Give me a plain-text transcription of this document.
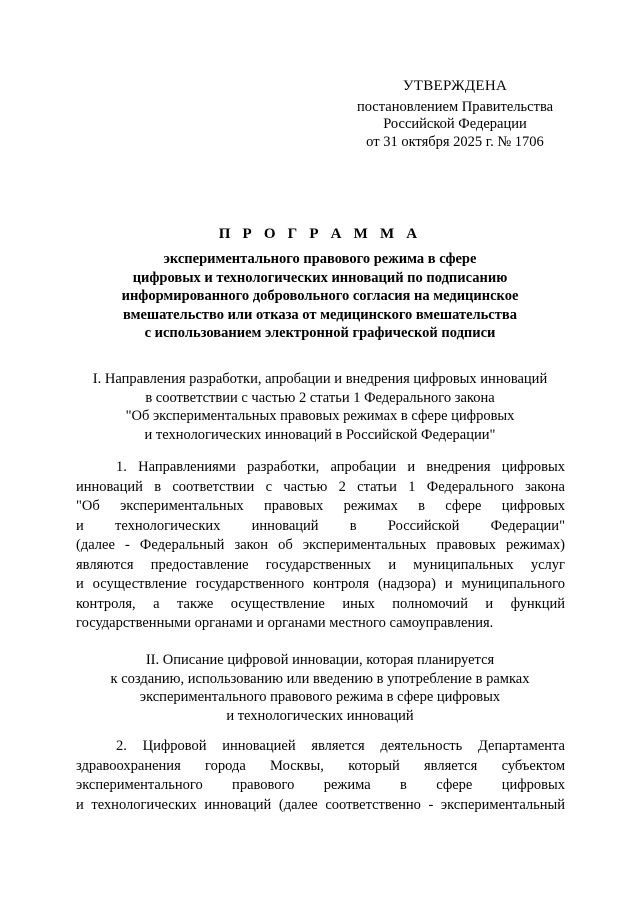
УТВЕРЖДЕНА
постановлением Правительства
Российской Федерации
от 31 октября 2025 г. № 1706
П Р О Г Р А М М А
экспериментального правового режима в сфере
цифровых и технологических инноваций по подписанию
информированного добровольного согласия на медицинское
вмешательство или отказа от медицинского вмешательства
с использованием электронной графической подписи
I. Направления разработки, апробации и внедрения цифровых инноваций
в соответствии с частью 2 статьи 1 Федерального закона
"Об экспериментальных правовых режимах в сфере цифровых
и технологических инноваций в Российской Федерации"
1. Направлениями разработки, апробации и внедрения цифровых
инноваций в соответствии с частью 2 статьи 1 Федерального закона
"Об экспериментальных правовых режимах в сфере цифровых
и технологических инноваций в Российской Федерации"
(далее - Федеральный закон об экспериментальных правовых режимах)
являются предоставление государственных и муниципальных услуг
и осуществление государственного контроля (надзора) и муниципального
контроля, а также осуществление иных полномочий и функций
государственными органами и органами местного самоуправления.
II. Описание цифровой инновации, которая планируется
к созданию, использованию или введению в употребление в рамках
экспериментального правового режима в сфере цифровых
и технологических инноваций
2. Цифровой инновацией является деятельность Департамента
здравоохранения города Москвы, который является субъектом
экспериментального правового режима в сфере цифровых
и технологических инноваций (далее соответственно - экспериментальный
